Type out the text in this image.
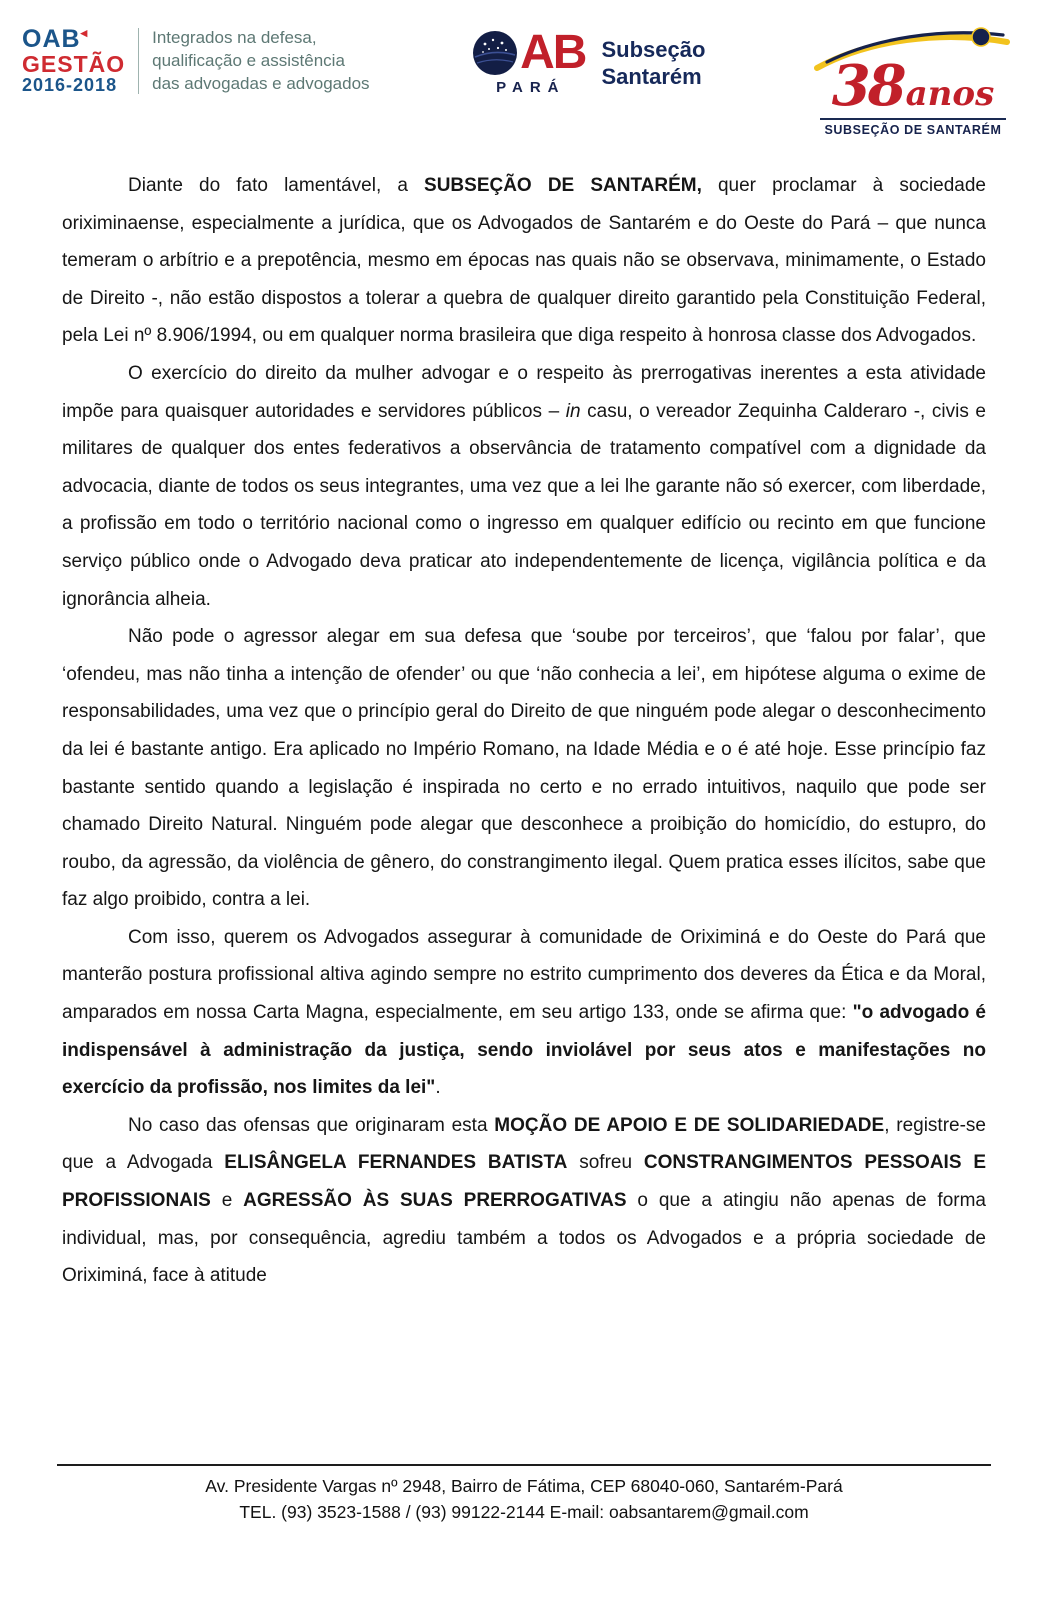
OAB◂
GESTÃO
2016-2018
Integrados na defesa,
qualificação e assistência
das advogadas e advogados
AB
PARÁ
Subseção
Santarém	38anos
SUBSEÇÃO DE SANTARÉM

Diante do fato lamentável, a SUBSEÇÃO DE SANTARÉM, quer proclamar à sociedade oriximinaense, especialmente a jurídica, que os Advogados de Santarém e do Oeste do Pará – que nunca temeram o arbítrio e a prepotência, mesmo em épocas nas quais não se observava, minimamente, o Estado de Direito -, não estão dispostos a tolerar a quebra de qualquer direito garantido pela Constituição Federal, pela Lei nº 8.906/1994, ou em qualquer norma brasileira que diga respeito à honrosa classe dos Advogados.

O exercício do direito da mulher advogar e o respeito às prerrogativas inerentes a esta atividade impõe para quaisquer autoridades e servidores públicos – in casu, o vereador Zequinha Calderaro -, civis e militares de qualquer dos entes federativos a observância de tratamento compatível com a dignidade da advocacia, diante de todos os seus integrantes, uma vez que a lei lhe garante não só exercer, com liberdade, a profissão em todo o território nacional como o ingresso em qualquer edifício ou recinto em que funcione serviço público onde o Advogado deva praticar ato independentemente de licença, vigilância política e da ignorância alheia.

Não pode o agressor alegar em sua defesa que ‘soube por terceiros’, que ‘falou por falar’, que ‘ofendeu, mas não tinha a intenção de ofender’ ou que ‘não conhecia a lei’, em hipótese alguma o exime de responsabilidades, uma vez que o princípio geral do Direito de que ninguém pode alegar o desconhecimento da lei é bastante antigo. Era aplicado no Império Romano, na Idade Média e o é até hoje. Esse princípio faz bastante sentido quando a legislação é inspirada no certo e no errado intuitivos, naquilo que pode ser chamado Direito Natural. Ninguém pode alegar que desconhece a proibição do homicídio, do estupro, do roubo, da agressão, da violência de gênero, do constrangimento ilegal. Quem pratica esses ilícitos, sabe que faz algo proibido, contra a lei.

Com isso, querem os Advogados assegurar à comunidade de Oriximiná e do Oeste do Pará que manterão postura profissional altiva agindo sempre no estrito cumprimento dos deveres da Ética e da Moral, amparados em nossa Carta Magna, especialmente, em seu artigo 133, onde se afirma que: "o advogado é indispensável à administração da justiça, sendo inviolável por seus atos e manifestações no exercício da profissão, nos limites da lei".

No caso das ofensas que originaram esta MOÇÃO DE APOIO E DE SOLIDARIEDADE, registre-se que a Advogada ELISÂNGELA FERNANDES BATISTA sofreu CONSTRANGIMENTOS PESSOAIS E PROFISSIONAIS e AGRESSÃO ÀS SUAS PRERROGATIVAS o que a atingiu não apenas de forma individual, mas, por consequência, agrediu também a todos os Advogados e a própria sociedade de Oriximiná, face à atitude

Av. Presidente Vargas nº 2948, Bairro de Fátima, CEP 68040-060, Santarém-Pará
TEL. (93) 3523-1588 / (93) 99122-2144 E-mail: oabsantarem@gmail.com
